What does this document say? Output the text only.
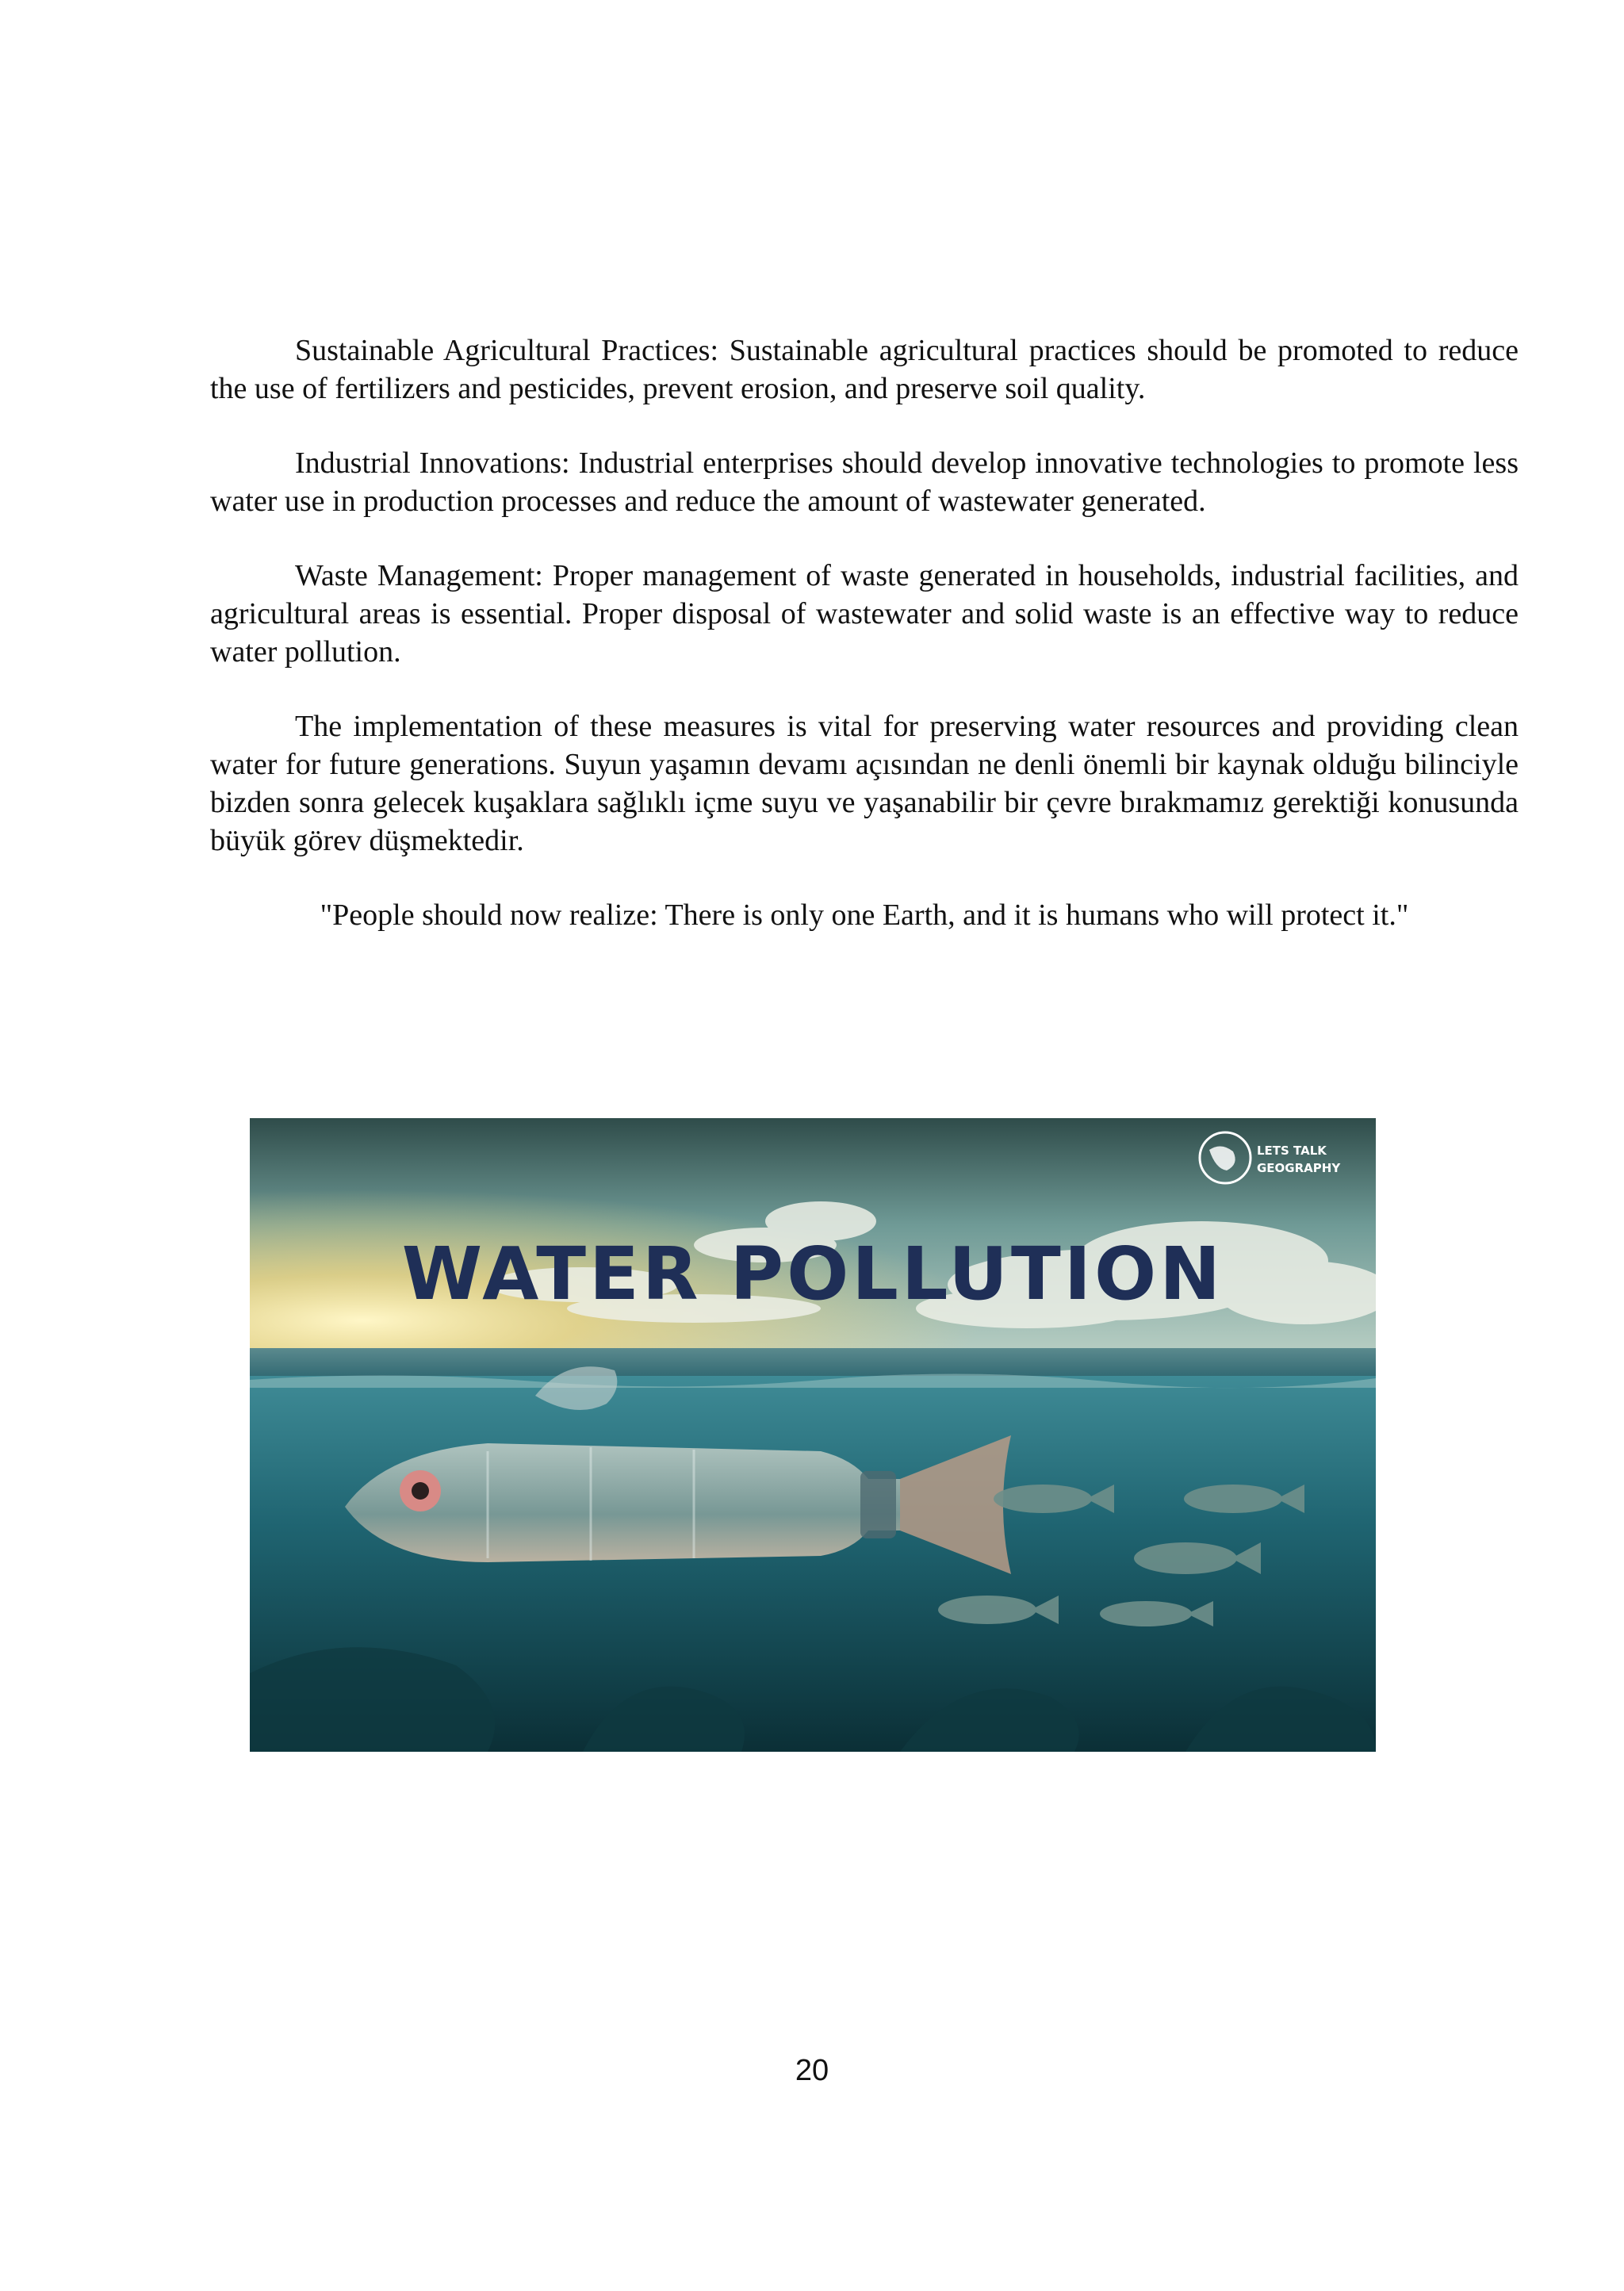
Sustainable Agricultural Practices: Sustainable agricultural practices should be promoted to reduce the use of fertilizers and pesticides, prevent erosion, and preserve soil quality.

Industrial Innovations: Industrial enterprises should develop innovative technologies to promote less water use in production processes and reduce the amount of wastewater generated.

Waste Management: Proper management of waste generated in households, industrial facilities, and agricultural areas is essential. Proper disposal of wastewater and solid waste is an effective way to reduce water pollution.

The implementation of these measures is vital for preserving water resources and providing clean water for future generations. Suyun yaşamın devamı açısından ne denli önemli bir kaynak olduğu bilinciyle bizden sonra gelecek kuşaklara sağlıklı içme suyu ve yaşanabilir bir çevre bırakmamız gerektiği konusunda büyük görev düşmektedir.

"People should now realize: There is only one Earth, and it is humans who will protect it."

LETS TALK
GEOGRAPHY
WATER POLLUTION
20
